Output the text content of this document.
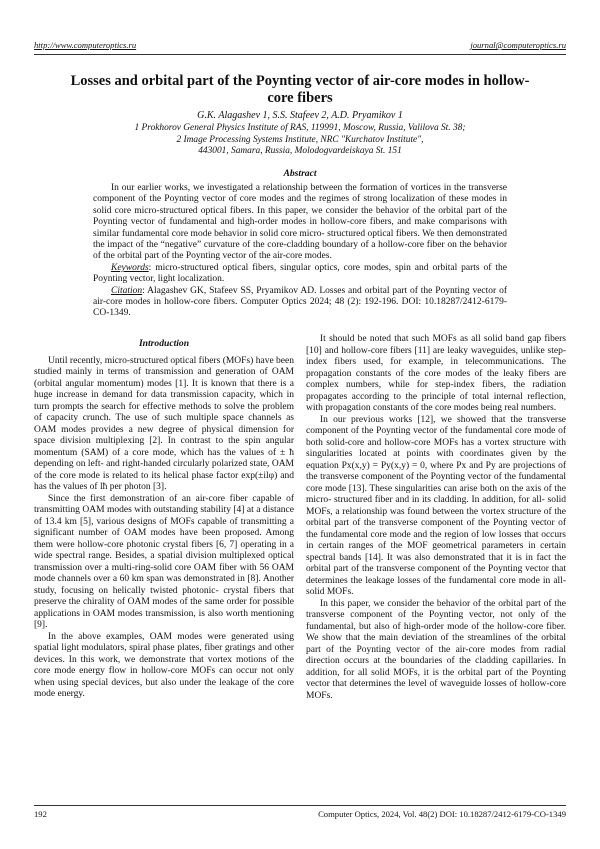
http://www.computeroptics.ru	journal@computeroptics.ru
Losses and orbital part of the Poynting vector of air-core modes in hollow-core fibers
G.K. Alagashev 1, S.S. Stafeev 2, A.D. Pryamikov 1
1 Prokhorov General Physics Institute of RAS, 119991, Moscow, Russia, Valilova St. 38;
2 Image Processing Systems Institute, NRC "Kurchatov Institute",
443001, Samara, Russia, Molodogvardeiskaya St. 151
Abstract

In our earlier works, we investigated a relationship between the formation of vortices in the transverse component of the Poynting vector of core modes and the regimes of strong localization of these modes in solid core micro-structured optical fibers. In this paper, we consider the behavior of the orbital part of the Poynting vector of fundamental and high-order modes in hollow-core fibers, and make comparisons with similar fundamental core mode behavior in solid core micro- structured optical fibers. We then demonstrated the impact of the “negative” curvature of the core-cladding boundary of a hollow-core fiber on the behavior of the orbital part of the Poynting vector of the air-core modes.

Keywords: micro-structured optical fibers, singular optics, core modes, spin and orbital parts of the Poynting vector, light localization.

Citation: Alagashev GK, Stafeev SS, Pryamikov AD. Losses and orbital part of the Poynting vector of air-core modes in hollow-core fibers. Computer Optics 2024; 48 (2): 192-196. DOI: 10.18287/2412-6179-CO-1349.

Introduction

Until recently, micro-structured optical fibers (MOFs) have been studied mainly in terms of transmission and generation of OAM (orbital angular momentum) modes [1]. It is known that there is a huge increase in demand for data transmission capacity, which in turn prompts the search for effective methods to solve the problem of capacity crunch. The use of such multiple space channels as OAM modes provides a new degree of physical dimension for space division multiplexing [2]. In contrast to the spin angular momentum (SAM) of a core mode, which has the values of ± ħ depending on left- and right-handed circularly polarized state, OAM of the core mode is related to its helical phase factor exp(±ilφ) and has the values of lħ per photon [3].

Since the first demonstration of an air-core fiber capable of transmitting OAM modes with outstanding stability [4] at a distance of 13.4 km [5], various designs of MOFs capable of transmitting a significant number of OAM modes have been proposed. Among them were hollow-core photonic crystal fibers [6, 7] operating in a wide spectral range. Besides, a spatial division multiplexed optical transmission over a multi-ring-solid core OAM fiber with 56 OAM mode channels over a 60 km span was demonstrated in [8]. Another study, focusing on helically twisted photonic- crystal fibers that preserve the chirality of OAM modes of the same order for possible applications in OAM modes transmission, is also worth mentioning [9].

In the above examples, OAM modes were generated using spatial light modulators, spiral phase plates, fiber gratings and other devices. In this work, we demonstrate that vortex motions of the core mode energy flow in hollow-core MOFs can occur not only when using special devices, but also under the leakage of the core mode energy.

It should be noted that such MOFs as all solid band gap fibers [10] and hollow-core fibers [11] are leaky waveguides, unlike step-index fibers used, for example, in telecommunications. The propagation constants of the core modes of the leaky fibers are complex numbers, while for step-index fibers, the radiation propagates according to the principle of total internal reflection, with propagation constants of the core modes being real numbers.

In our previous works [12], we showed that the transverse component of the Poynting vector of the fundamental core mode of both solid-core and hollow-core MOFs has a vortex structure with singularities located at points with coordinates given by the equation Px(x,y) = Py(x,y) = 0, where Px and Py are projections of the transverse component of the Poynting vector of the fundamental core mode [13]. These singularities can arise both on the axis of the micro- structured fiber and in its cladding. In addition, for all- solid MOFs, a relationship was found between the vortex structure of the orbital part of the transverse component of the Poynting vector of the fundamental core mode and the region of low losses that occurs in certain ranges of the MOF geometrical parameters in certain spectral bands [14]. It was also demonstrated that it is in fact the orbital part of the transverse component of the Poynting vector that determines the leakage losses of the fundamental core mode in all-solid MOFs.

In this paper, we consider the behavior of the orbital part of the transverse component of the Poynting vector, not only of the fundamental, but also of high-order mode of the hollow-core fiber. We show that the main deviation of the streamlines of the orbital part of the Poynting vector of the air-core modes from radial direction occurs at the boundaries of the cladding capillaries. In addition, for all solid MOFs, it is the orbital part of the Poynting vector that determines the level of waveguide losses of hollow-core MOFs.

192	Computer Optics, 2024, Vol. 48(2) DOI: 10.18287/2412-6179-CO-1349
